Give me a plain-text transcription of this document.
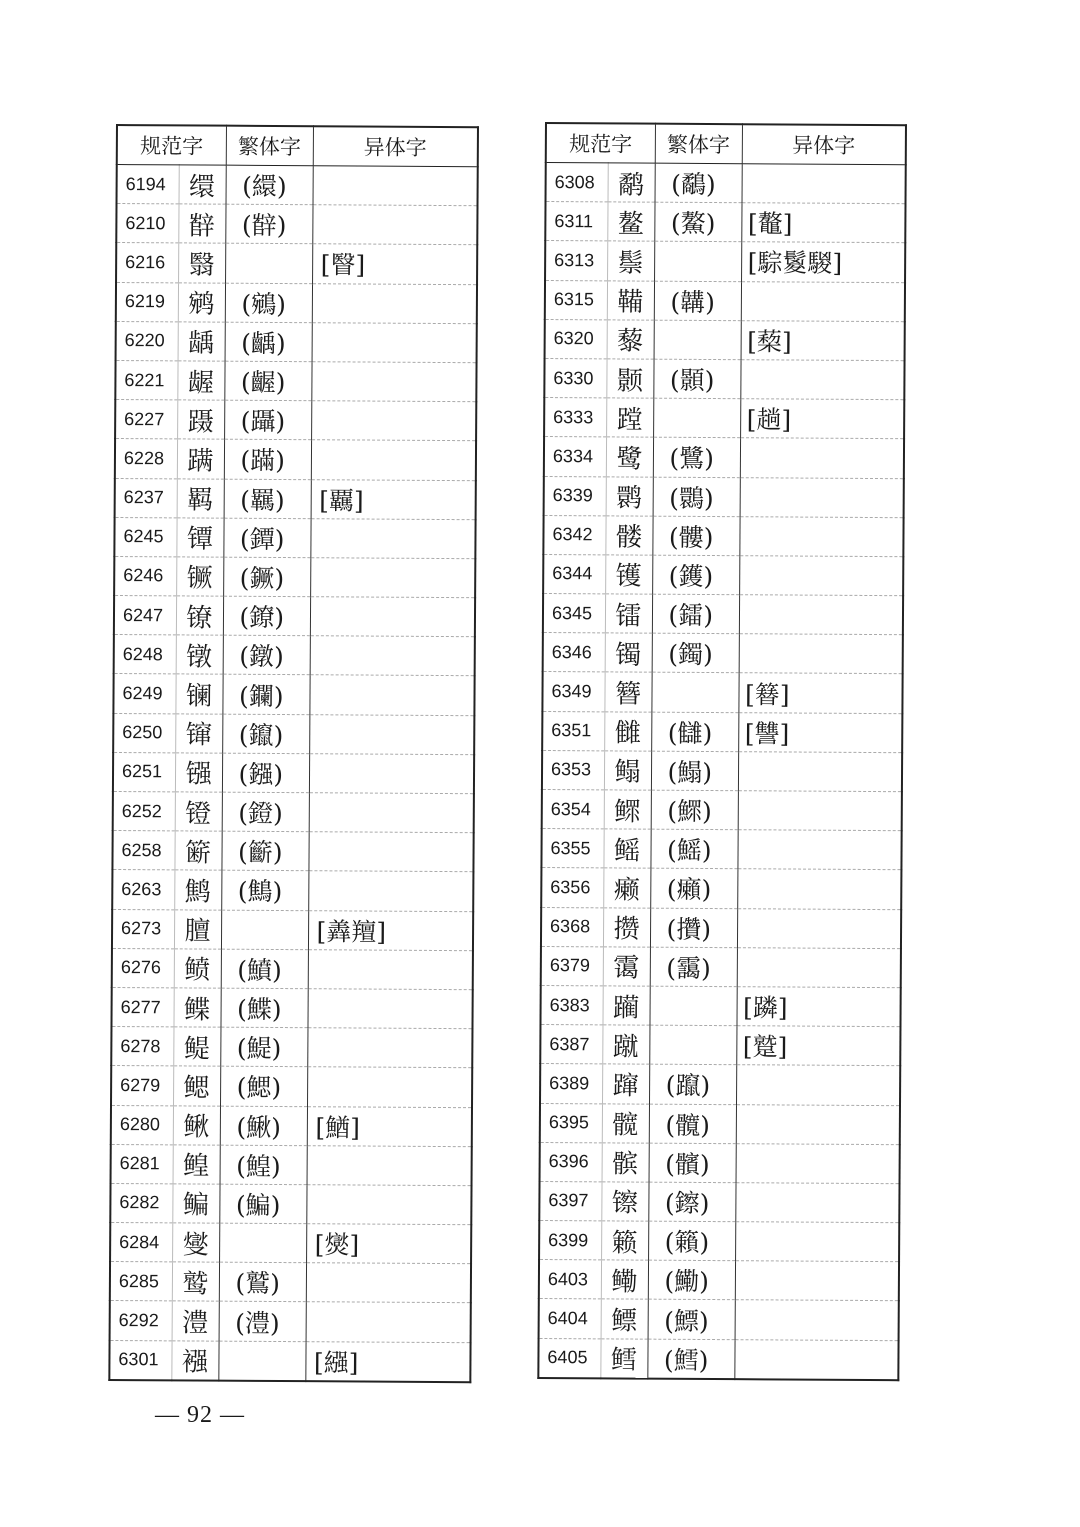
规范字		繁体字	异体字
6194	缳	(繯)	
6210	辥	(辥)	
6216	翳		[瞖]
6219	鹓	(鵷)	
6220	龋	(齲)	
6221	龌	(齷)	
6227	蹑	(躡)	
6228	蹒	(蹣)	
6237	羁	(羈)	[覊]
6245	镡	(鐔)	
6246	镢	(鐝)	
6247	镣	(鐐)	
6248	镦	(鐓)	
6249	镧	(鑭)	
6250	镩	(鑹)	
6251	镪	(鏹)	
6252	镫	(鐙)	
6258	簖	(籪)	
6263	鹪	(鷦)	
6273	膻		[羴羶]
6276	鲼	(鱝)	
6277	鲽	(鰈)	
6278	鳀	(鯷)	
6279	鳃	(鰓)	
6280	鳅	(鰍)	[鰌]
6281	鳇	(鰉)	
6282	鳊	(鯿)	
6284	燮		[爕]
6285	鹫	(鷲)	
6292	澧	(澧)	
6301	襁		[繦]
规范字		繁体字	异体字
6308	鹬	(鷸)	
6311	鳌	(鰲)	[鼇]
6313	鬃		[騌鬉騣]
6315	鞴	(韝)	
6320	藜		[蔾]
6330	颢	(顥)	
6333	蹚		[趟]
6334	鹭	(鷺)	
6339	鹮	(䴉)	
6342	髅	(髏)	
6344	镬	(鑊)	
6345	镭	(鐳)	
6346	镯	(鐲)	
6349	簪		[簮]
6351	雠	(讎)	[讐]
6353	鳎	(鰨)	
6354	鳏	(鰥)	
6355	鳐	(鰩)	
6356	癞	(癩)	
6368	攒	(攢)	
6379	霭	(靄)	
6383	躏		[蹸]
6387	蹴		[蹵]
6389	蹿	(躥)	
6395	髋	(髖)	
6396	髌	(髕)	
6397	镲	(鑔)	
6399	籁	(籟)	
6403	鳓	(鰳)	
6404	鳔	(鰾)	
6405	鳕	(鱈)	
— 92 —
